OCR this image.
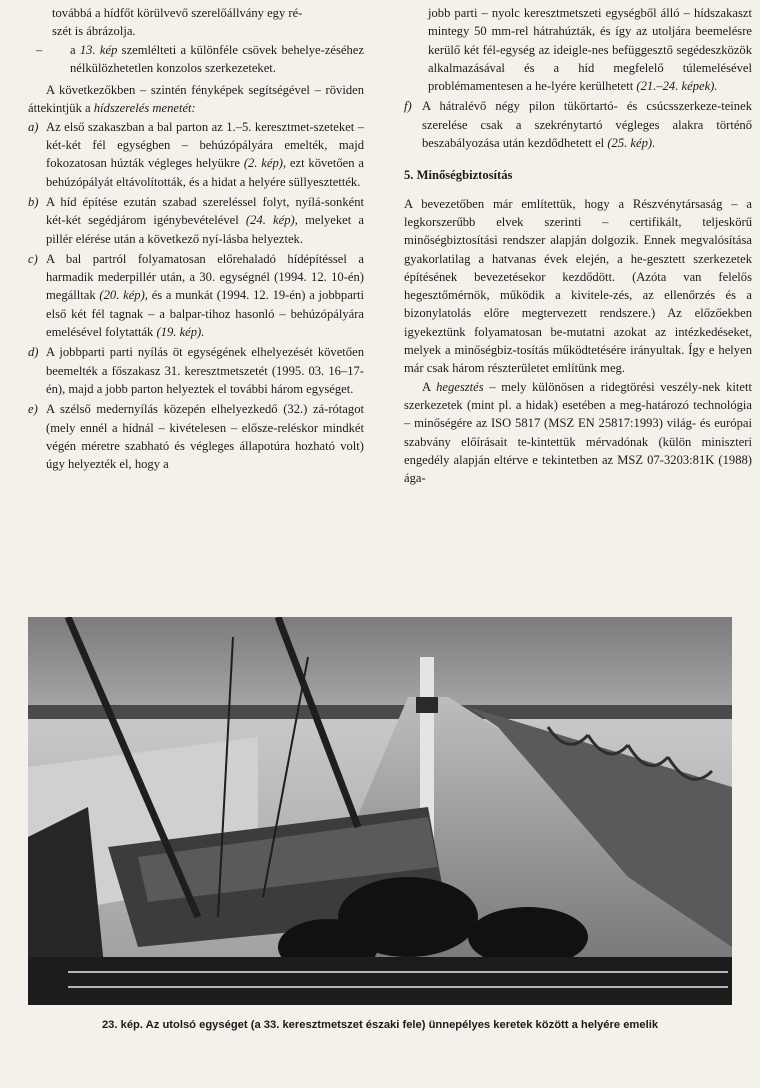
továbbá a hídfőt körülvevő szerelőállvány egy ré-

szét is ábrázolja.

– a 13. kép szemlélteti a különféle csövek behelye-zéséhez nélkülözhetetlen konzolos szerkezeteket.

A következőkben – szintén fényképek segítségével – röviden áttekintjük a hídszerelés menetét:

a) Az első szakaszban a bal parton az 1.–5. keresztmet-szeteket – két-két fél egységben – behúzópályára emelték, majd fokozatosan húzták végleges helyükre (2. kép), ezt követően a behúzópályát eltávolították, és a hidat a helyére süllyesztették.

b) A híd építése ezután szabad szereléssel folyt, nyílá-sonként két-két segédjárom igénybevételével (24. kép), melyeket a pillér elérése után a következő nyí-lásba helyeztek.

c) A bal partról folyamatosan előrehaladó hídépítéssel a harmadik mederpillér után, a 30. egységnél (1994. 12. 10-én) megálltak (20. kép), és a munkát (1994. 12. 19-én) a jobbparti első két fél tagnak – a balpar-tihoz hasonló – behúzópályára emelésével folytatták (19. kép).

d) A jobbparti parti nyílás öt egységének elhelyezését követően beemelték a főszakasz 31. keresztmetszetét (1995. 03. 16–17-én), majd a jobb parton helyeztek el további három egységet.

e) A szélső medernyílás közepén elhelyezkedő (32.) zá-rótagot (mely ennél a hídnál – kivételesen – előszе-reléskor mindkét végén méretre szabható és végleges állapotúra hozható volt) úgy helyezték el, hogy a

jobb parti – nyolc keresztmetszeti egységből álló – hídszakaszt mintegy 50 mm-rel hátrahúzták, és így az utoljára beemelésre kerülő két fél-egység az ideigle-nes befüggesztő segédeszközök alkalmazásával és a híd megfelelő túlemelésével problémamentesen a he-lyére kerülhetett (21.–24. képek).

f) A hátralévő négy pilon tükörtartó- és csúcsszerkeze-teinek szerelése csak a szekrénytartó végleges alakra történő beszabályozása után kezdődhetett el (25. kép).

5. Minőségbiztosítás

A bevezetőben már említettük, hogy a Részvénytársaság – a legkorszerűbb elvek szerinti – certifikált, teljeskörű minőségbiztosítási rendszer alapján dolgozik. Ennek megvalósítása gyakorlatilag a hatvanas évek elején, a he-gesztett szerkezetek építésének bevezetésekor kezdődött. (Azóta van felelős hegesztőmérnök, működik a kivitele-zés, az ellenőrzés és a bizonylatolás előre megtervezett rendszere.) Az előzőekben igyekeztünk folyamatosan be-mutatni azokat az intézkedéseket, melyek a minőségbiz-tosítás működtetésére irányultak. Így e helyen már csak három részterületet említünk meg.

A hegesztés – mely különösen a ridegtörési veszély-nek kitett szerkezetek (mint pl. a hidak) esetében a meg-határozó technológia – minőségére az ISO 5817 (MSZ EN 25817:1993) világ- és európai szabvány előírásait te-kintettük mérvadónak (külön miniszteri engedély alapján eltérve e tekintetben az MSZ 07-3203:81K (1988) ága-

23. kép. Az utolsó egységet (a 33. keresztmetszet északi fele) ünnepélyes keretek között a helyére emelik
